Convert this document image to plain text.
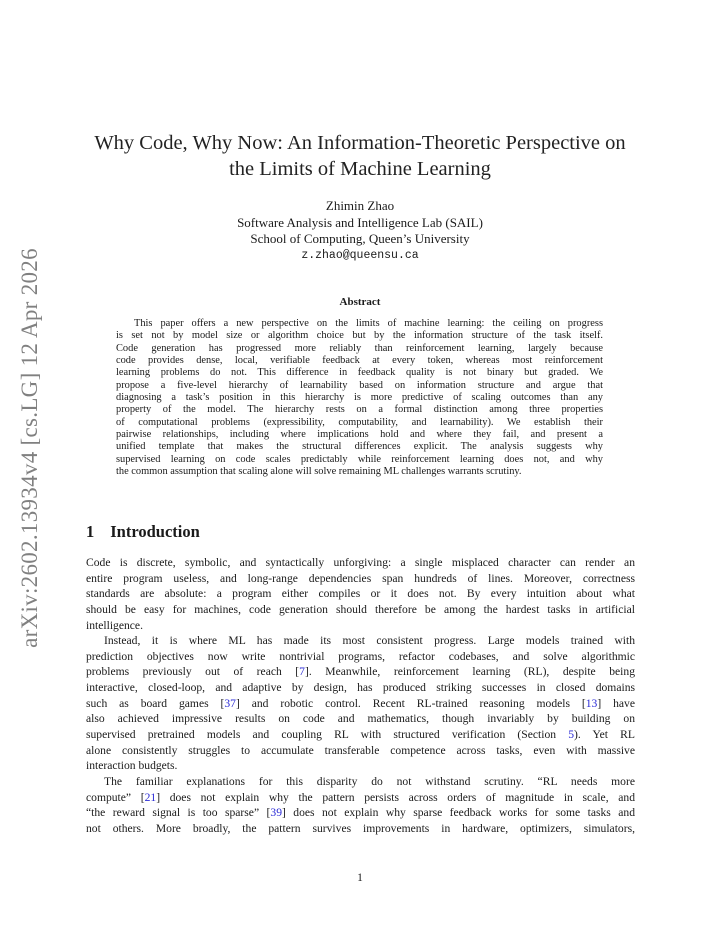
arXiv:2602.13934v4 [cs.LG] 12 Apr 2026
Why Code, Why Now: An Information-Theoretic Perspective on
the Limits of Machine Learning
Zhimin Zhao
Software Analysis and Intelligence Lab (SAIL)
School of Computing, Queen’s University
z.zhao@queensu.ca
Abstract
This paper offers a new perspective on the limits of machine learning: the ceiling on progress
is set not by model size or algorithm choice but by the information structure of the task itself.
Code generation has progressed more reliably than reinforcement learning, largely because
code provides dense, local, verifiable feedback at every token, whereas most reinforcement
learning problems do not. This difference in feedback quality is not binary but graded. We
propose a five-level hierarchy of learnability based on information structure and argue that
diagnosing a task’s position in this hierarchy is more predictive of scaling outcomes than any
property of the model. The hierarchy rests on a formal distinction among three properties
of computational problems (expressibility, computability, and learnability). We establish their
pairwise relationships, including where implications hold and where they fail, and present a
unified template that makes the structural differences explicit. The analysis suggests why
supervised learning on code scales predictably while reinforcement learning does not, and why
the common assumption that scaling alone will solve remaining ML challenges warrants scrutiny.
1 Introduction
Code is discrete, symbolic, and syntactically unforgiving: a single misplaced character can render an
entire program useless, and long-range dependencies span hundreds of lines. Moreover, correctness
standards are absolute: a program either compiles or it does not. By every intuition about what
should be easy for machines, code generation should therefore be among the hardest tasks in artificial
intelligence.
Instead, it is where ML has made its most consistent progress. Large models trained with
prediction objectives now write nontrivial programs, refactor codebases, and solve algorithmic
problems previously out of reach [7]. Meanwhile, reinforcement learning (RL), despite being
interactive, closed-loop, and adaptive by design, has produced striking successes in closed domains
such as board games [37] and robotic control. Recent RL-trained reasoning models [13] have
also achieved impressive results on code and mathematics, though invariably by building on
supervised pretrained models and coupling RL with structured verification (Section 5). Yet RL
alone consistently struggles to accumulate transferable competence across tasks, even with massive
interaction budgets.
The familiar explanations for this disparity do not withstand scrutiny. “RL needs more
compute” [21] does not explain why the pattern persists across orders of magnitude in scale, and
“the reward signal is too sparse” [39] does not explain why sparse feedback works for some tasks and
not others. More broadly, the pattern survives improvements in hardware, optimizers, simulators,
1
